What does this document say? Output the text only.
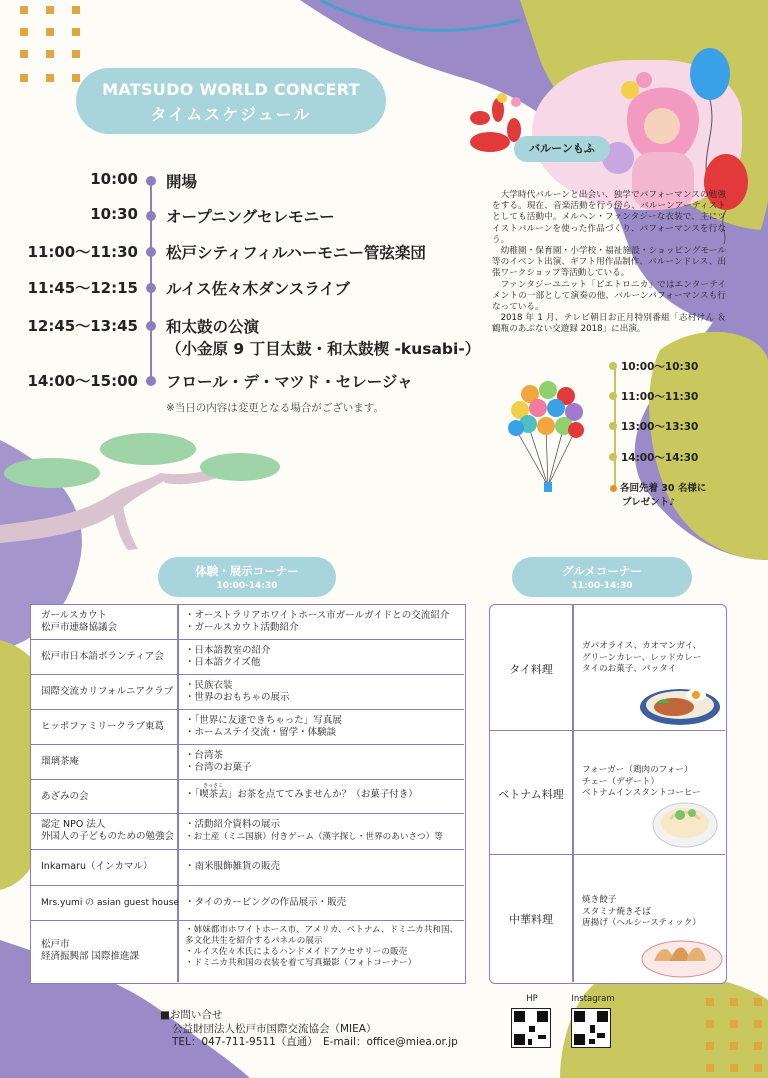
MATSUDO WORLD CONCERT
タイムスケジュール
10:00 開場
10:30 オープニングセレモニー
11:00〜11:30 松戸シティフィルハーモニー管弦楽団
11:45〜12:15 ルイス佐々木ダンスライブ
12:45〜13:45 和太鼓の公演
（小金原 9 丁目太鼓・和太鼓楔 -kusabi-）
14:00〜15:00 フロール・デ・マツド・セレージャ
※当日の内容は変更となる場合がございます。
バルーンもふ

大学時代バルーンと出会い、独学でパフォーマンスの勉強をする。現在、音楽活動を行う傍ら、バルーンアーティストとしても活動中。メルヘン・ファンタジーな衣装で、主にツイストバルーンを使った作品づくり、パフォーマンスを行なう。

幼稚園・保育園・小学校・福祉施設・ショッピングモール等のイベント出演、ギフト用作品制作、バルーンドレス、出張ワークショップ等活動している。

ファンタジーユニット「ピエトロニカ」ではエンターテイメントの一部として演奏の他、バルーンパフォーマンスも行なっている。

2018 年 1 月、テレビ朝日お正月特別番組「志村けん ＆ 鶴瓶のあぶない交遊録 2018」に出演。

10:00〜10:30
11:00〜11:30
13:00〜13:30
14:00〜14:30
各回先着 30 名様に
プレゼント♪
体験・展示コーナー
10:00-14:30
グルメコーナー
11:00-14:30
ガールスカウト
松戸市連絡協議会
・オーストラリアホワイトホース市ガールガイドとの交流紹介
・ガールスカウト活動紹介
松戸市日本語ボランティア会
・日本語教室の紹介
・日本語クイズ他
国際交流カリフォルニアクラブ
・民族衣装
・世界のおもちゃの展示
ヒッポファミリークラブ東葛
・｢世界に友達できちゃった」写真展
・ホームステイ交流・留学・体験談
瑠璃茶庵
・台湾茶
・台湾のお菓子
あざみの会
きっさこ
・「喫茶去」お茶を点ててみませんか？（お菓子付き）
認定 NPO 法人
外国人の子どものための勉強会
・活動紹介資料の展示
・お土産（ミニ国旗）付きゲーム（漢字探し・世界のあいさつ）等
Inkamaru（インカマル）	・南米服飾雑貨の販売
Mrs.yumi の asian guest house ・タイのカービングの作品展示・販売
松戸市
経済振興部 国際推進課
・姉妹都市ホワイトホース市、アメリカ、ベトナム、ドミニカ共和国、多文化共生を紹介するパネルの展示
・ルイス佐々木氏によるハンドメイドアクセサリーの販売
・ドミニカ共和国の衣装を着て写真撮影（フォトコーナー）
タイ料理
ガパオライス、カオマンガイ、
グリーンカレー、レッドカレー
タイのお菓子、パッタイ
ベトナム料理
フォーガー（鶏肉のフォー）
チェー（デザート）
ベトナムインスタントコーヒー
中華料理
焼き餃子
スタミナ焼きそば
唐揚げ（ヘルシースティック）
■お問い合せ
公益財団法人松戸市国際交流協会（MIEA）
TEL：047-711-9511（直通）　E-mail：office@miea.or.jp
HP	Instagram
